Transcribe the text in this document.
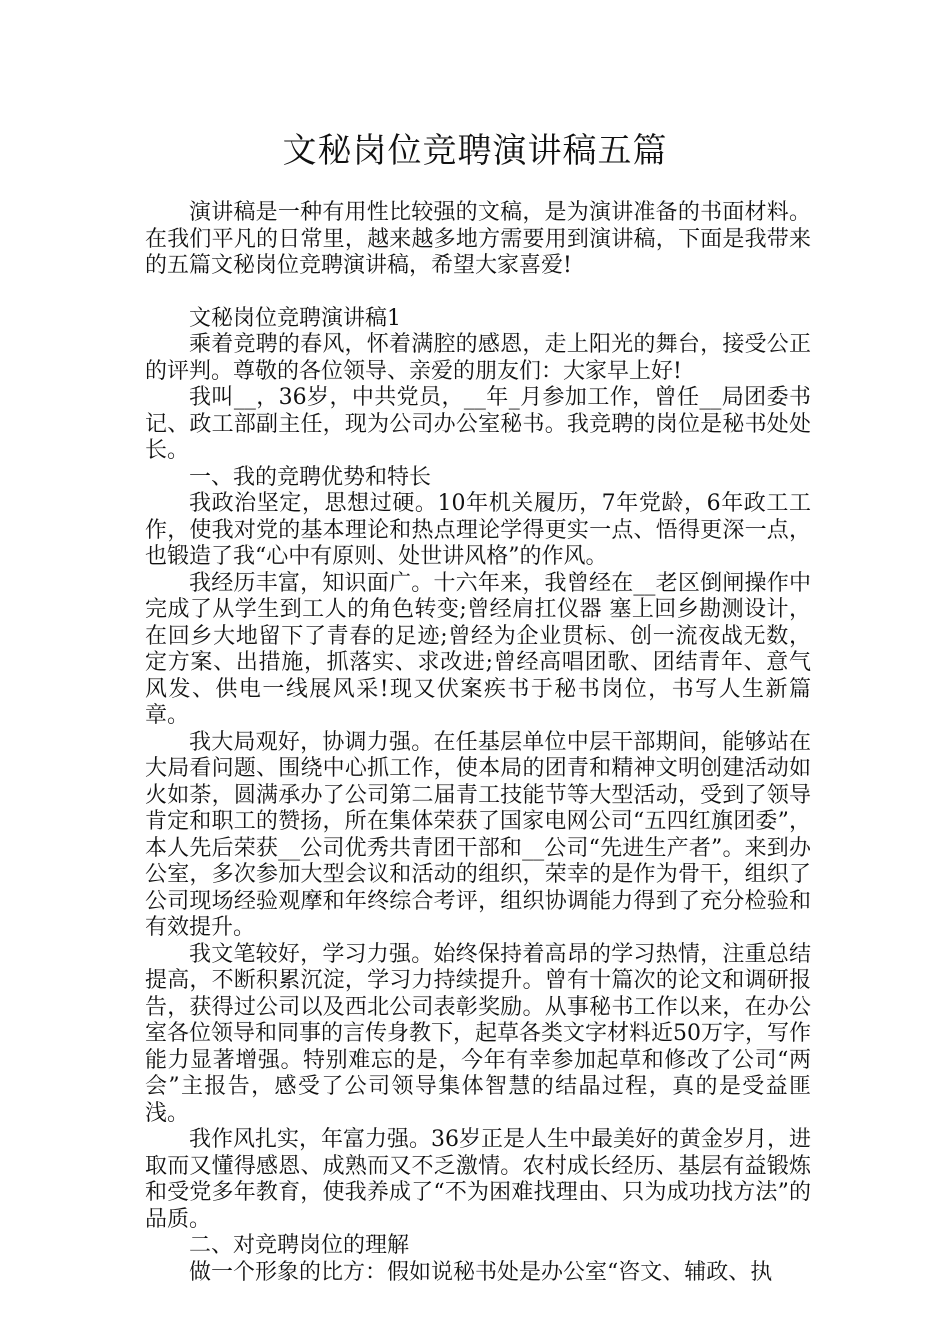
文秘岗位竞聘演讲稿五篇

演讲稿是一种有用性比较强的文稿，是为演讲准备的书面材料。在我们平凡的日常里，越来越多地方需要用到演讲稿，下面是我带来的五篇文秘岗位竞聘演讲稿，希望大家喜爱!

文秘岗位竞聘演讲稿1

乘着竞聘的春风，怀着满腔的感恩，走上阳光的舞台，接受公正的评判。尊敬的各位领导、亲爱的朋友们：大家早上好!

我叫__，36岁，中共党员，__年_月参加工作，曾任__局团委书记、政工部副主任，现为公司办公室秘书。我竞聘的岗位是秘书处处长。

一、我的竞聘优势和特长

我政治坚定，思想过硬。10年机关履历，7年党龄，6年政工工作，使我对党的基本理论和热点理论学得更实一点、悟得更深一点，也锻造了我“心中有原则、处世讲风格”的作风。

我经历丰富，知识面广。十六年来，我曾经在__老区倒闸操作中完成了从学生到工人的角色转变;曾经肩扛仪器 塞上回乡勘测设计，在回乡大地留下了青春的足迹;曾经为企业贯标、创一流夜战无数，定方案、出措施，抓落实、求改进;曾经高唱团歌、团结青年、意气风发、供电一线展风采!现又伏案疾书于秘书岗位，书写人生新篇章。

我大局观好，协调力强。在任基层单位中层干部期间，能够站在大局看问题、围绕中心抓工作，使本局的团青和精神文明创建活动如火如荼，圆满承办了公司第二届青工技能节等大型活动，受到了领导肯定和职工的赞扬，所在集体荣获了国家电网公司“五四红旗团委”，本人先后荣获__公司优秀共青团干部和__公司“先进生产者”。来到办公室，多次参加大型会议和活动的组织，荣幸的是作为骨干，组织了公司现场经验观摩和年终综合考评，组织协调能力得到了充分检验和有效提升。

我文笔较好，学习力强。始终保持着高昂的学习热情，注重总结提高，不断积累沉淀，学习力持续提升。曾有十篇次的论文和调研报告，获得过公司以及西北公司表彰奖励。从事秘书工作以来，在办公室各位领导和同事的言传身教下，起草各类文字材料近50万字，写作能力显著增强。特别难忘的是，今年有幸参加起草和修改了公司“两会”主报告，感受了公司领导集体智慧的结晶过程，真的是受益匪浅。

我作风扎实，年富力强。36岁正是人生中最美好的黄金岁月，进取而又懂得感恩、成熟而又不乏激情。农村成长经历、基层有益锻炼和受党多年教育，使我养成了“不为困难找理由、只为成功找方法”的品质。

二、对竞聘岗位的理解

做一个形象的比方：假如说秘书处是办公室“咨文、辅政、执
